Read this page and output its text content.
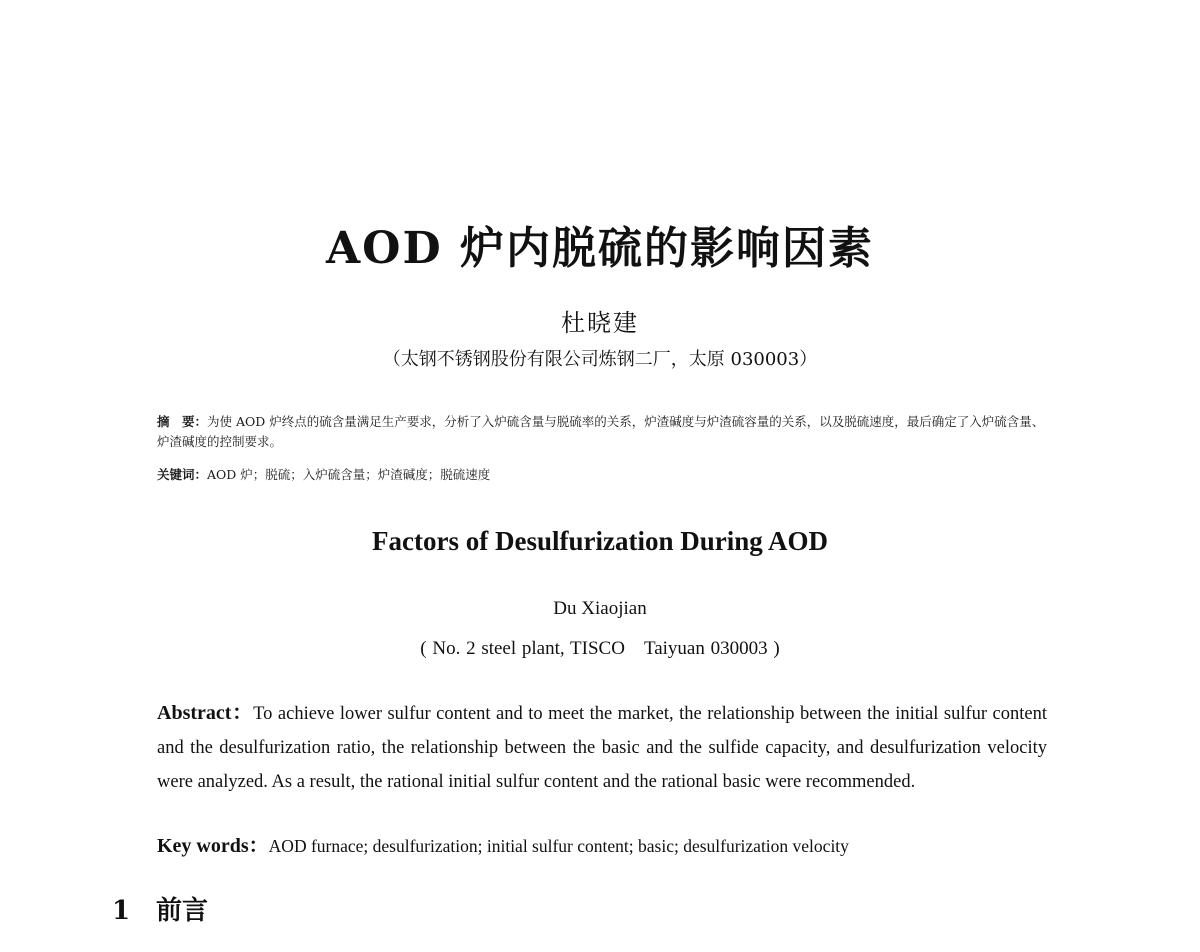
AOD 炉内脱硫的影响因素
杜晓建
（太钢不锈钢股份有限公司炼钢二厂，太原 030003）

摘　要：为使 AOD 炉终点的硫含量满足生产要求，分析了入炉硫含量与脱硫率的关系，炉渣碱度与炉渣硫容量的关系，以及脱硫速度，最后确定了入炉硫含量、炉渣碱度的控制要求。

关键词：AOD 炉；脱硫；入炉硫含量；炉渣碱度；脱硫速度

Factors of Desulfurization During AOD
Du Xiaojian
( No. 2 steel plant, TISCO　Taiyuan 030003 )

Abstract：To achieve lower sulfur content and to meet the market, the relationship between the initial sulfur content and the desulfurization ratio, the relationship between the basic and the sulfide capacity, and desulfurization velocity were analyzed. As a result, the rational initial sulfur content and the rational basic were recommended.

Key words：AOD furnace; desulfurization; initial sulfur content; basic; desulfurization velocity

1 前言
